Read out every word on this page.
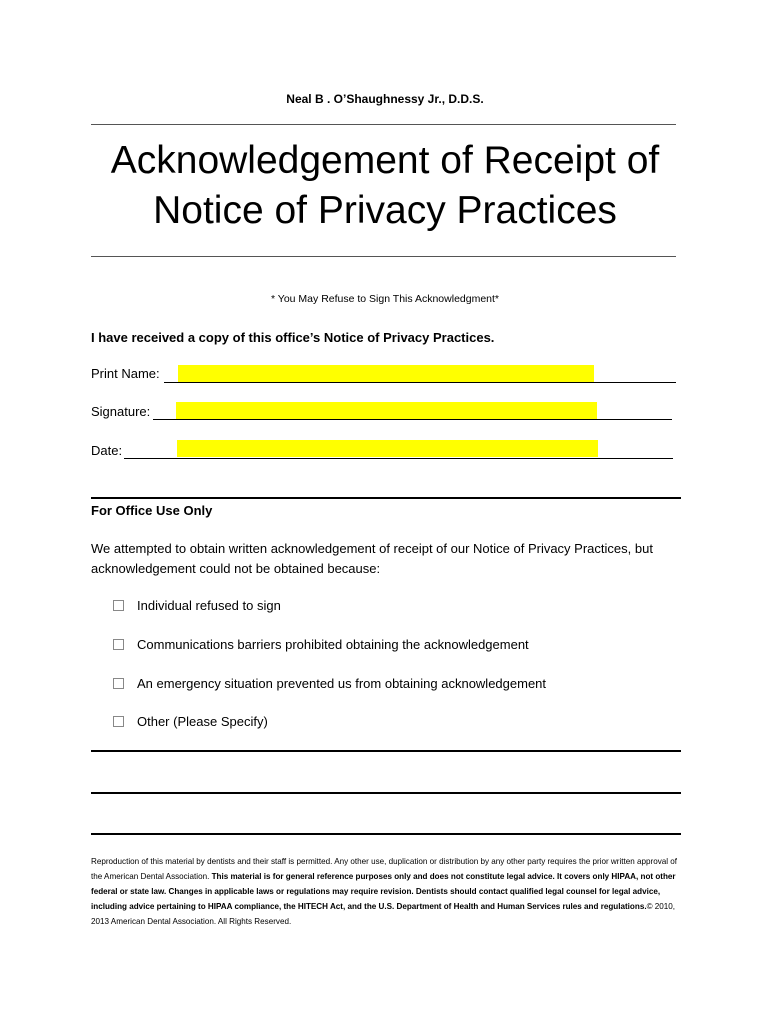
Neal B . O’Shaughnessy Jr., D.D.S.
Acknowledgement of Receipt of
Notice of Privacy Practices
* You May Refuse to Sign This Acknowledgment*
I have received a copy of this office’s Notice of Privacy Practices.
Print Name:
Signature:
Date:
For Office Use Only
We attempted to obtain written acknowledgement of receipt of our Notice of Privacy Practices, but acknowledgement could not be obtained because:
Individual refused to sign
Communications barriers prohibited obtaining the acknowledgement
An emergency situation prevented us from obtaining acknowledgement
Other (Please Specify)
Reproduction of this material by dentists and their staff is permitted. Any other use, duplication or distribution by any other party requires the prior written approval of the American Dental Association. This material is for general reference purposes only and does not constitute legal advice. It covers only HIPAA, not other federal or state law. Changes in applicable laws or regulations may require revision. Dentists should contact qualified legal counsel for legal advice, including advice pertaining to HIPAA compliance, the HITECH Act, and the U.S. Department of Health and Human Services rules and regulations.© 2010, 2013 American Dental Association. All Rights Reserved.
